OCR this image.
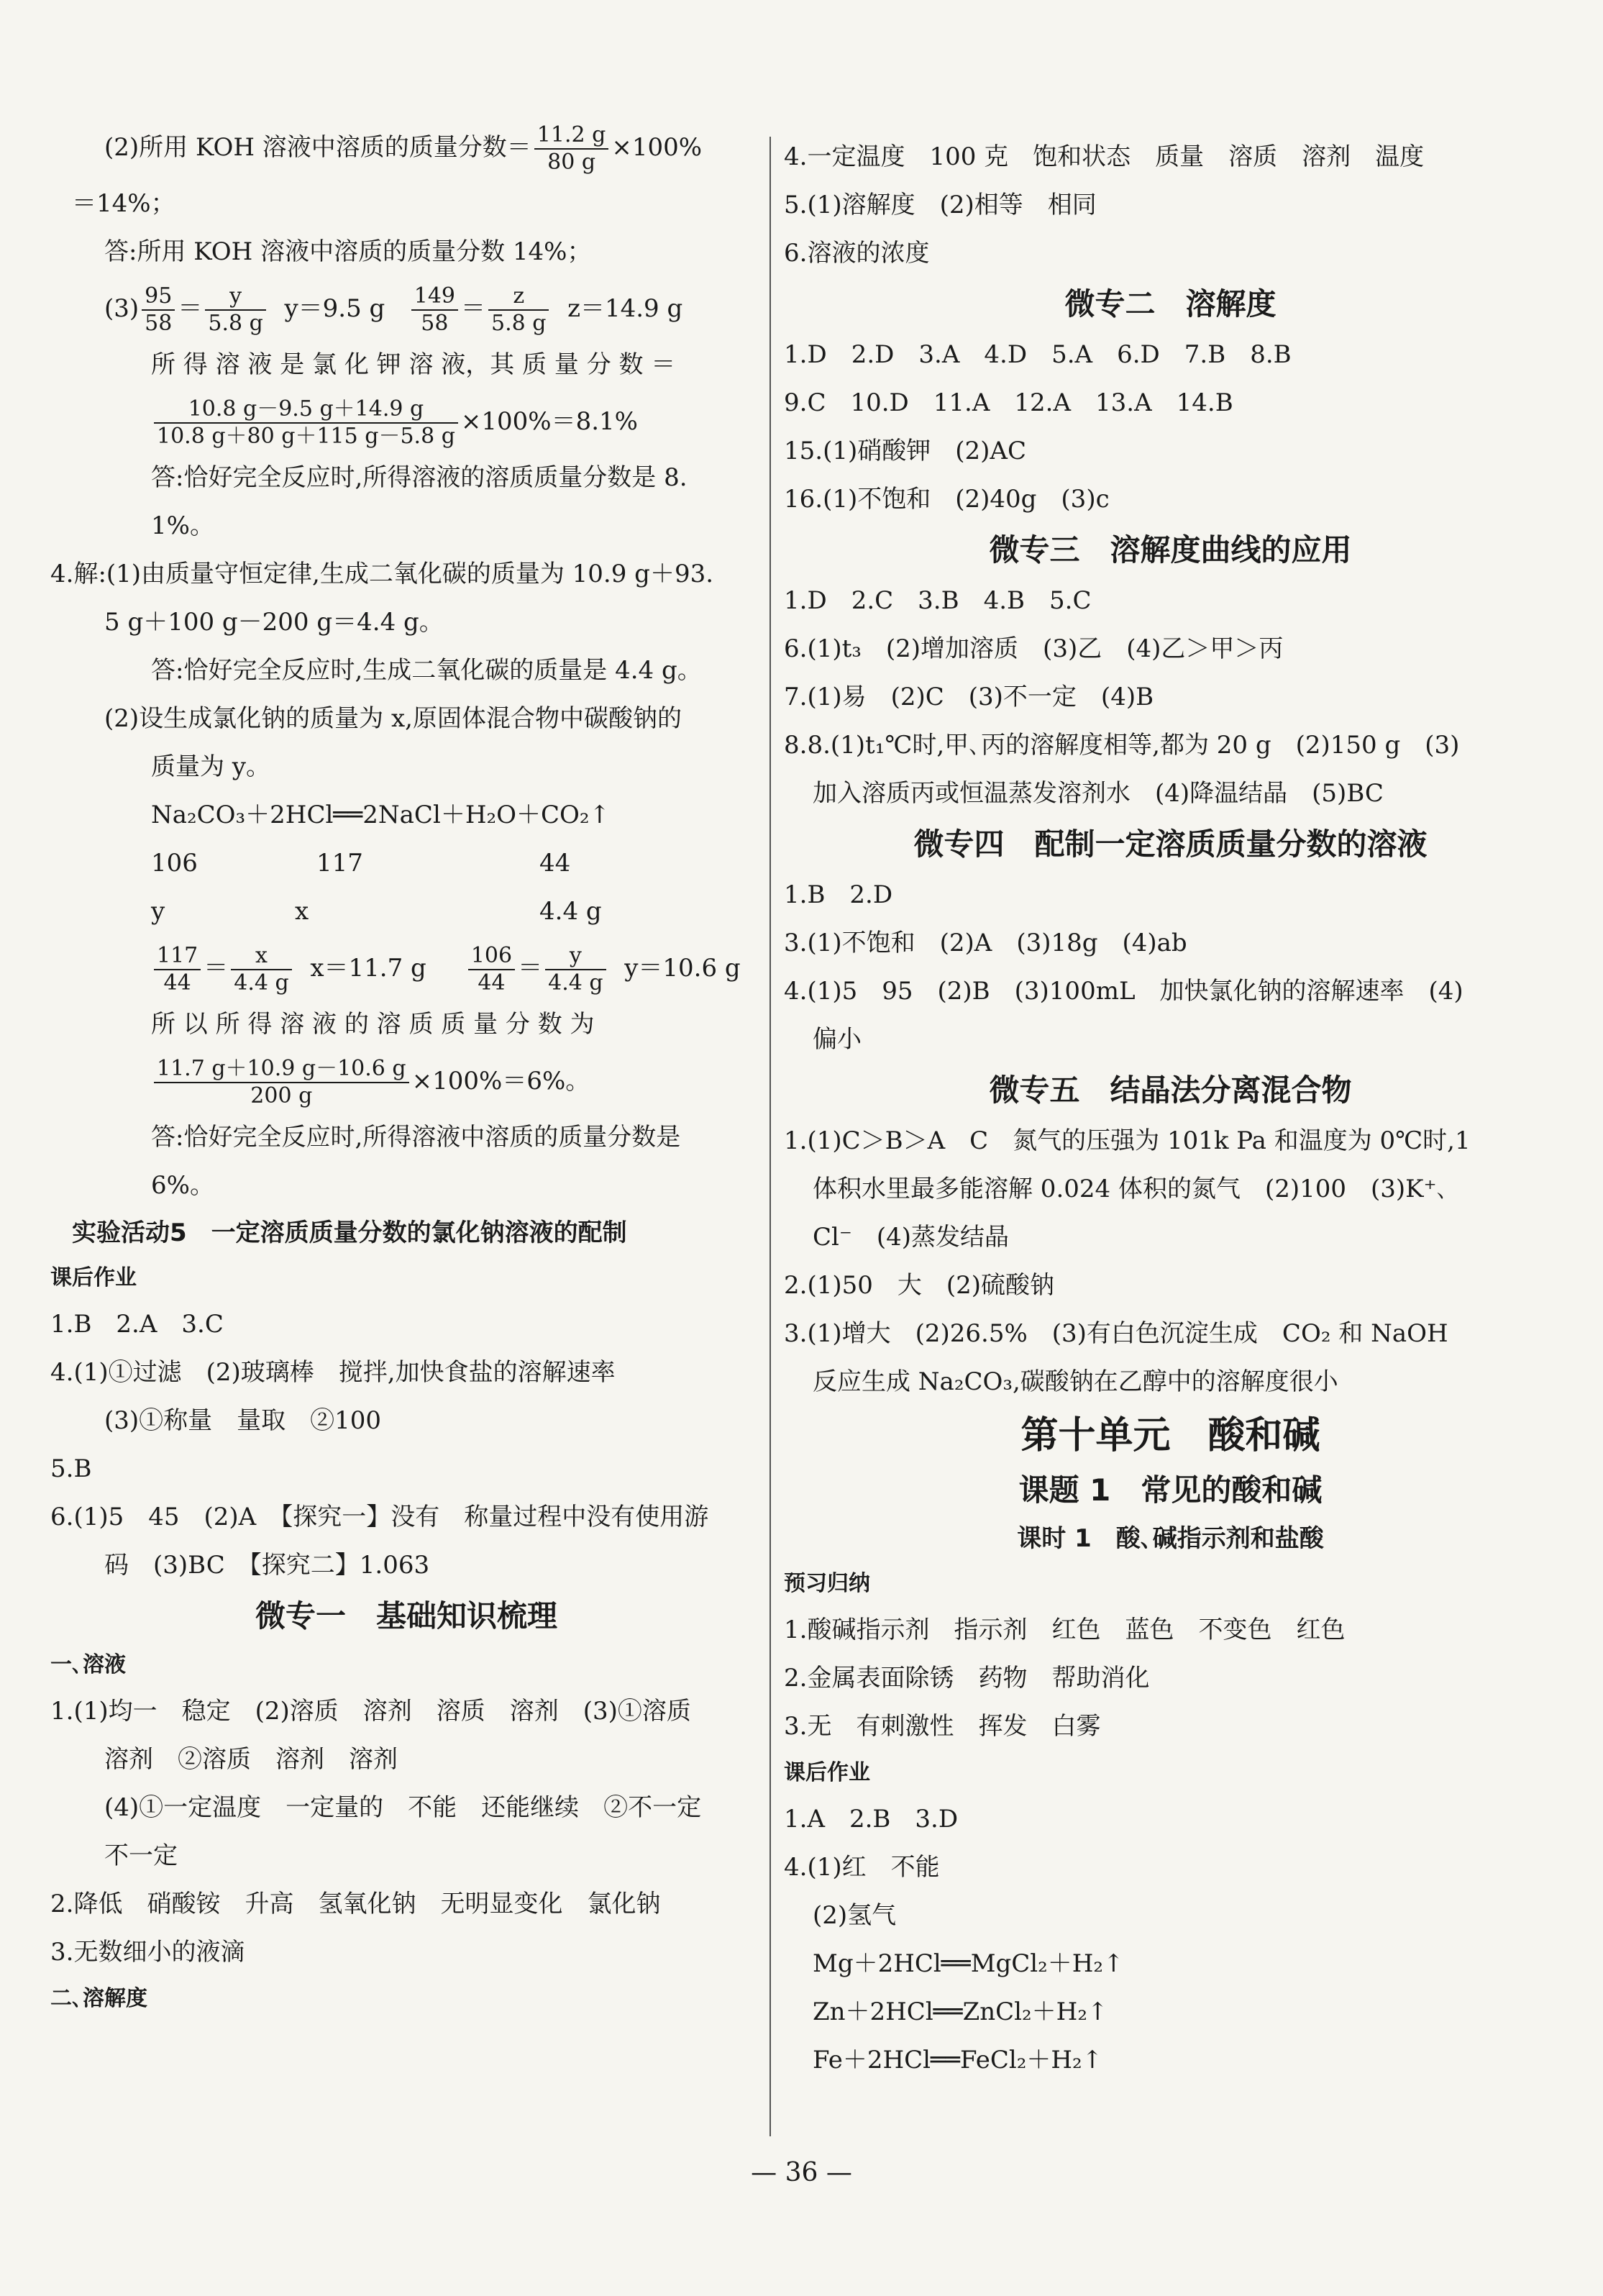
(2)所用 KOH 溶液中溶质的质量分数＝ $\frac{11.2 g}{80 g} \times 100\%$
＝14%；
答:所用 KOH 溶液中溶质的质量分数 14%；
$(3) \frac{95}{58} = \frac{y}{5.8 g} y=9.5$ g $\frac{149}{58} = \frac{z}{5.8 g} z=14.9$ g
所 得 溶 液 是 氯 化 钾 溶 液，其 质 量 分 数 ＝
$\frac{10.8 g-9.5 g+14.9 g}{10.8 g+80 g+115 g-5.8 g} \times 100\%=8.1\%$
答:恰好完全反应时,所得溶液的溶质质量分数是 8.
1%。
4.解:(1)由质量守恒定律,生成二氧化碳的质量为 10.9 g＋93.
5 g＋100 g－200 g＝4.4 g。
答:恰好完全反应时,生成二氧化碳的质量是 4.4 g。
(2)设生成氯化钠的质量为 x,原固体混合物中碳酸钠的
质量为 y。
Na₂CO₃＋2HCl══2NaCl＋H₂O＋CO₂↑
106	117	44
y	x	4.4 g
$\frac{117}{44} = \frac{x}{4.4 g} x=11.7$ g $\frac{106}{44} = \frac{y}{4.4 g} y=10.6$ g
所 以 所 得 溶 液 的 溶 质 质 量 分 数 为
$\frac{11.7 g+10.9 g-10.6 g}{200 g} \times 100\%=6\%$。
答:恰好完全反应时,所得溶液中溶质的质量分数是
6%。
实验活动5　一定溶质质量分数的氯化钠溶液的配制
课后作业
1.B　2.A　3.C
4.(1)①过滤　(2)玻璃棒　搅拌,加快食盐的溶解速率
(3)①称量　量取　②100
5.B
6.(1)5　45　(2)A　【探究一】没有　称量过程中没有使用游
码　(3)BC　【探究二】1.063
微专一　基础知识梳理
一､溶液
1.(1)均一　稳定　(2)溶质　溶剂　溶质　溶剂　(3)①溶质
溶剂　②溶质　溶剂　溶剂
(4)①一定温度　一定量的　不能　还能继续　②不一定
不一定
2.降低　硝酸铵　升高　氢氧化钠　无明显变化　氯化钠
3.无数细小的液滴
二､溶解度
4.一定温度　100 克　饱和状态　质量　溶质　溶剂　温度
5.(1)溶解度　(2)相等　相同
6.溶液的浓度
微专二　溶解度
1.D　2.D　3.A　4.D　5.A　6.D　7.B　8.B
9.C　10.D　11.A　12.A　13.A　14.B
15.(1)硝酸钾　(2)AC
16.(1)不饱和　(2)40g　(3)c
微专三　溶解度曲线的应用
1.D　2.C　3.B　4.B　5.C
6.(1)t₃　(2)增加溶质　(3)乙　(4)乙＞甲＞丙
7.(1)易　(2)C　(3)不一定　(4)B
8.8.(1)t₁℃时,甲､丙的溶解度相等,都为 20 g　(2)150 g　(3)
加入溶质丙或恒温蒸发溶剂水　(4)降温结晶　(5)BC
微专四　配制一定溶质质量分数的溶液
1.B　2.D
3.(1)不饱和　(2)A　(3)18g　(4)ab
4.(1)5　95　(2)B　(3)100mL　加快氯化钠的溶解速率　(4)
偏小
微专五　结晶法分离混合物
1.(1)C＞B＞A　C　氮气的压强为 101k Pa 和温度为 0℃时,1
体积水里最多能溶解 0.024 体积的氮气　(2)100　(3)K⁺､
Cl⁻　(4)蒸发结晶
2.(1)50　大　(2)硫酸钠
3.(1)增大　(2)26.5%　(3)有白色沉淀生成　CO₂ 和 NaOH
反应生成 Na₂CO₃,碳酸钠在乙醇中的溶解度很小
第十单元　酸和碱
课题 1　常见的酸和碱
课时 1　酸､碱指示剂和盐酸
预习归纳
1.酸碱指示剂　指示剂　红色　蓝色　不变色　红色
2.金属表面除锈　药物　帮助消化
3.无　有刺激性　挥发　白雾
课后作业
1.A　2.B　3.D
4.(1)红　不能
(2)氢气
Mg＋2HCl══MgCl₂＋H₂↑
Zn＋2HCl══ZnCl₂＋H₂↑
Fe＋2HCl══FeCl₂＋H₂↑
— 36 —
